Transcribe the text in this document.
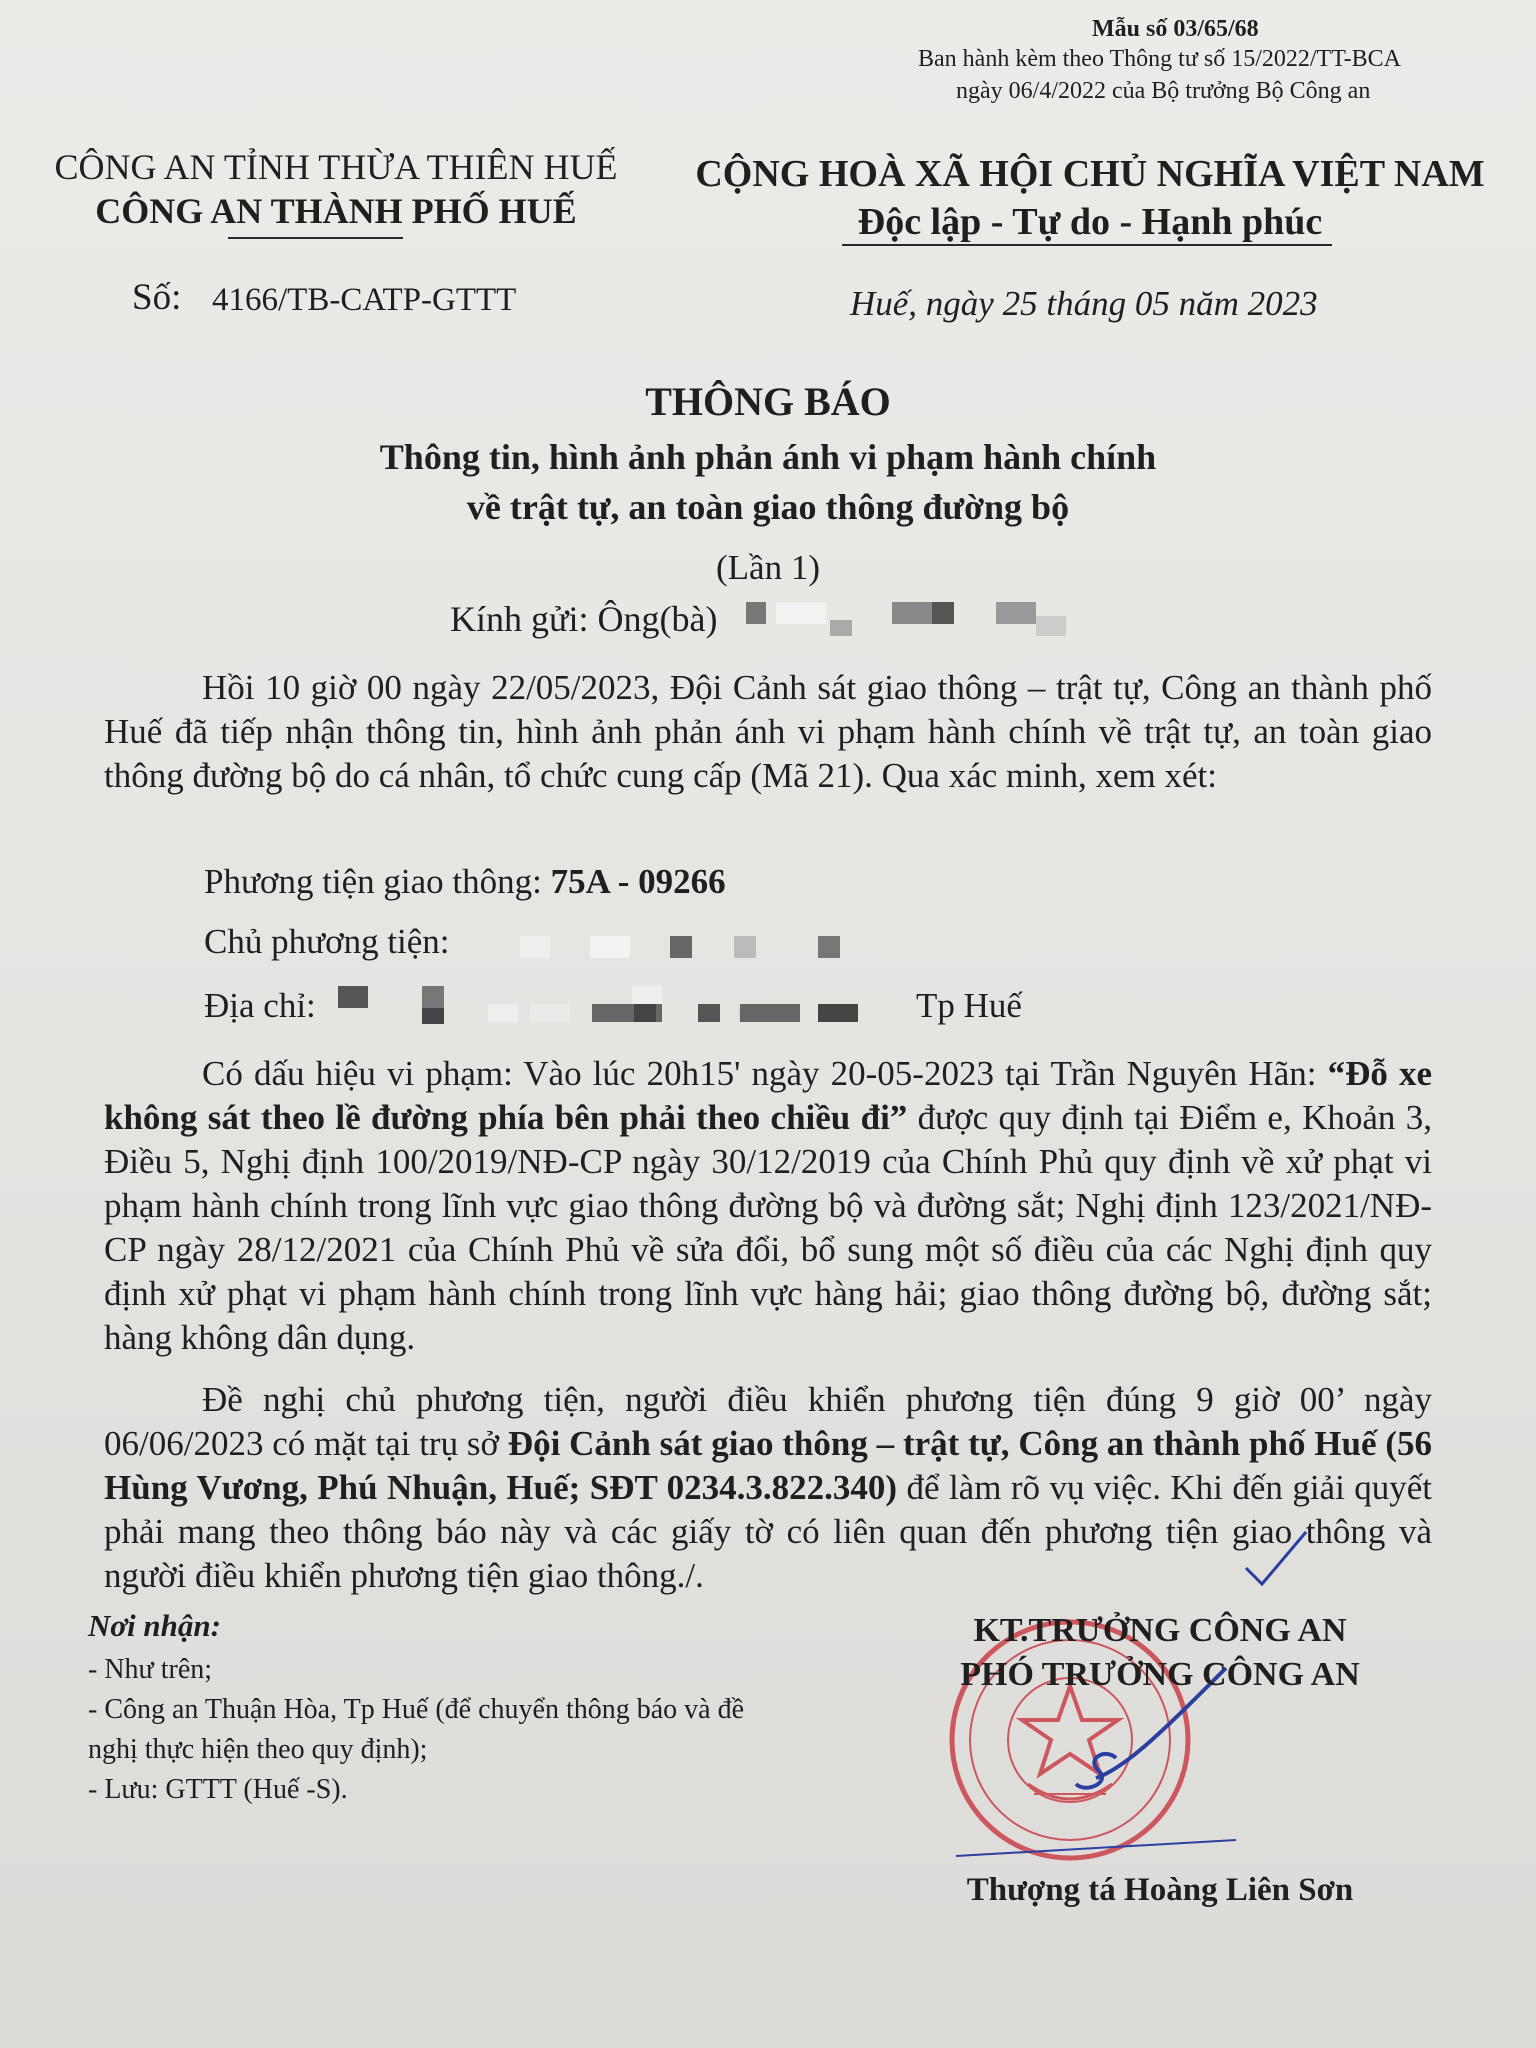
Mẫu số 03/65/68
Ban hành kèm theo Thông tư số 15/2022/TT-BCA
ngày 06/4/2022 của Bộ trưởng Bộ Công an
CÔNG AN TỈNH THỪA THIÊN HUẾ
CÔNG AN THÀNH PHỐ HUẾ
CỘNG HOÀ XÃ HỘI CHỦ NGHĨA VIỆT NAM
Độc lập - Tự do - Hạnh phúc
Số: 4166/TB-CATP-GTTT	Huế, ngày 25 tháng 05 năm 2023
THÔNG BÁO
Thông tin, hình ảnh phản ánh vi phạm hành chính
về trật tự, an toàn giao thông đường bộ
(Lần 1)
Kính gửi: Ông(bà)

Hồi 10 giờ 00 ngày 22/05/2023, Đội Cảnh sát giao thông – trật tự, Công an thành phố Huế đã tiếp nhận thông tin, hình ảnh phản ánh vi phạm hành chính về trật tự, an toàn giao thông đường bộ do cá nhân, tổ chức cung cấp (Mã 21). Qua xác minh, xem xét:

Phương tiện giao thông: 75A - 09266
Chủ phương tiện:
Địa chỉ:	Tp Huế

Có dấu hiệu vi phạm: Vào lúc 20h15' ngày 20-05-2023 tại Trần Nguyên Hãn: “Đỗ xe không sát theo lề đường phía bên phải theo chiều đi” được quy định tại Điểm e, Khoản 3, Điều 5, Nghị định 100/2019/NĐ-CP ngày 30/12/2019 của Chính Phủ quy định về xử phạt vi phạm hành chính trong lĩnh vực giao thông đường bộ và đường sắt; Nghị định 123/2021/NĐ-CP ngày 28/12/2021 của Chính Phủ về sửa đổi, bổ sung một số điều của các Nghị định quy định xử phạt vi phạm hành chính trong lĩnh vực hàng hải; giao thông đường bộ, đường sắt; hàng không dân dụng.

Đề nghị chủ phương tiện, người điều khiển phương tiện đúng 9 giờ 00’ ngày 06/06/2023 có mặt tại trụ sở Đội Cảnh sát giao thông – trật tự, Công an thành phố Huế (56 Hùng Vương, Phú Nhuận, Huế; SĐT 0234.3.822.340) để làm rõ vụ việc. Khi đến giải quyết phải mang theo thông báo này và các giấy tờ có liên quan đến phương tiện giao thông và người điều khiển phương tiện giao thông./.

Nơi nhận:
- Như trên;
- Công an Thuận Hòa, Tp Huế (để chuyển thông báo và đề nghị thực hiện theo quy định);
- Lưu: GTTT (Huế -S).
KT.TRƯỞNG CÔNG AN
PHÓ TRƯỞNG CÔNG AN
Thượng tá Hoàng Liên Sơn
